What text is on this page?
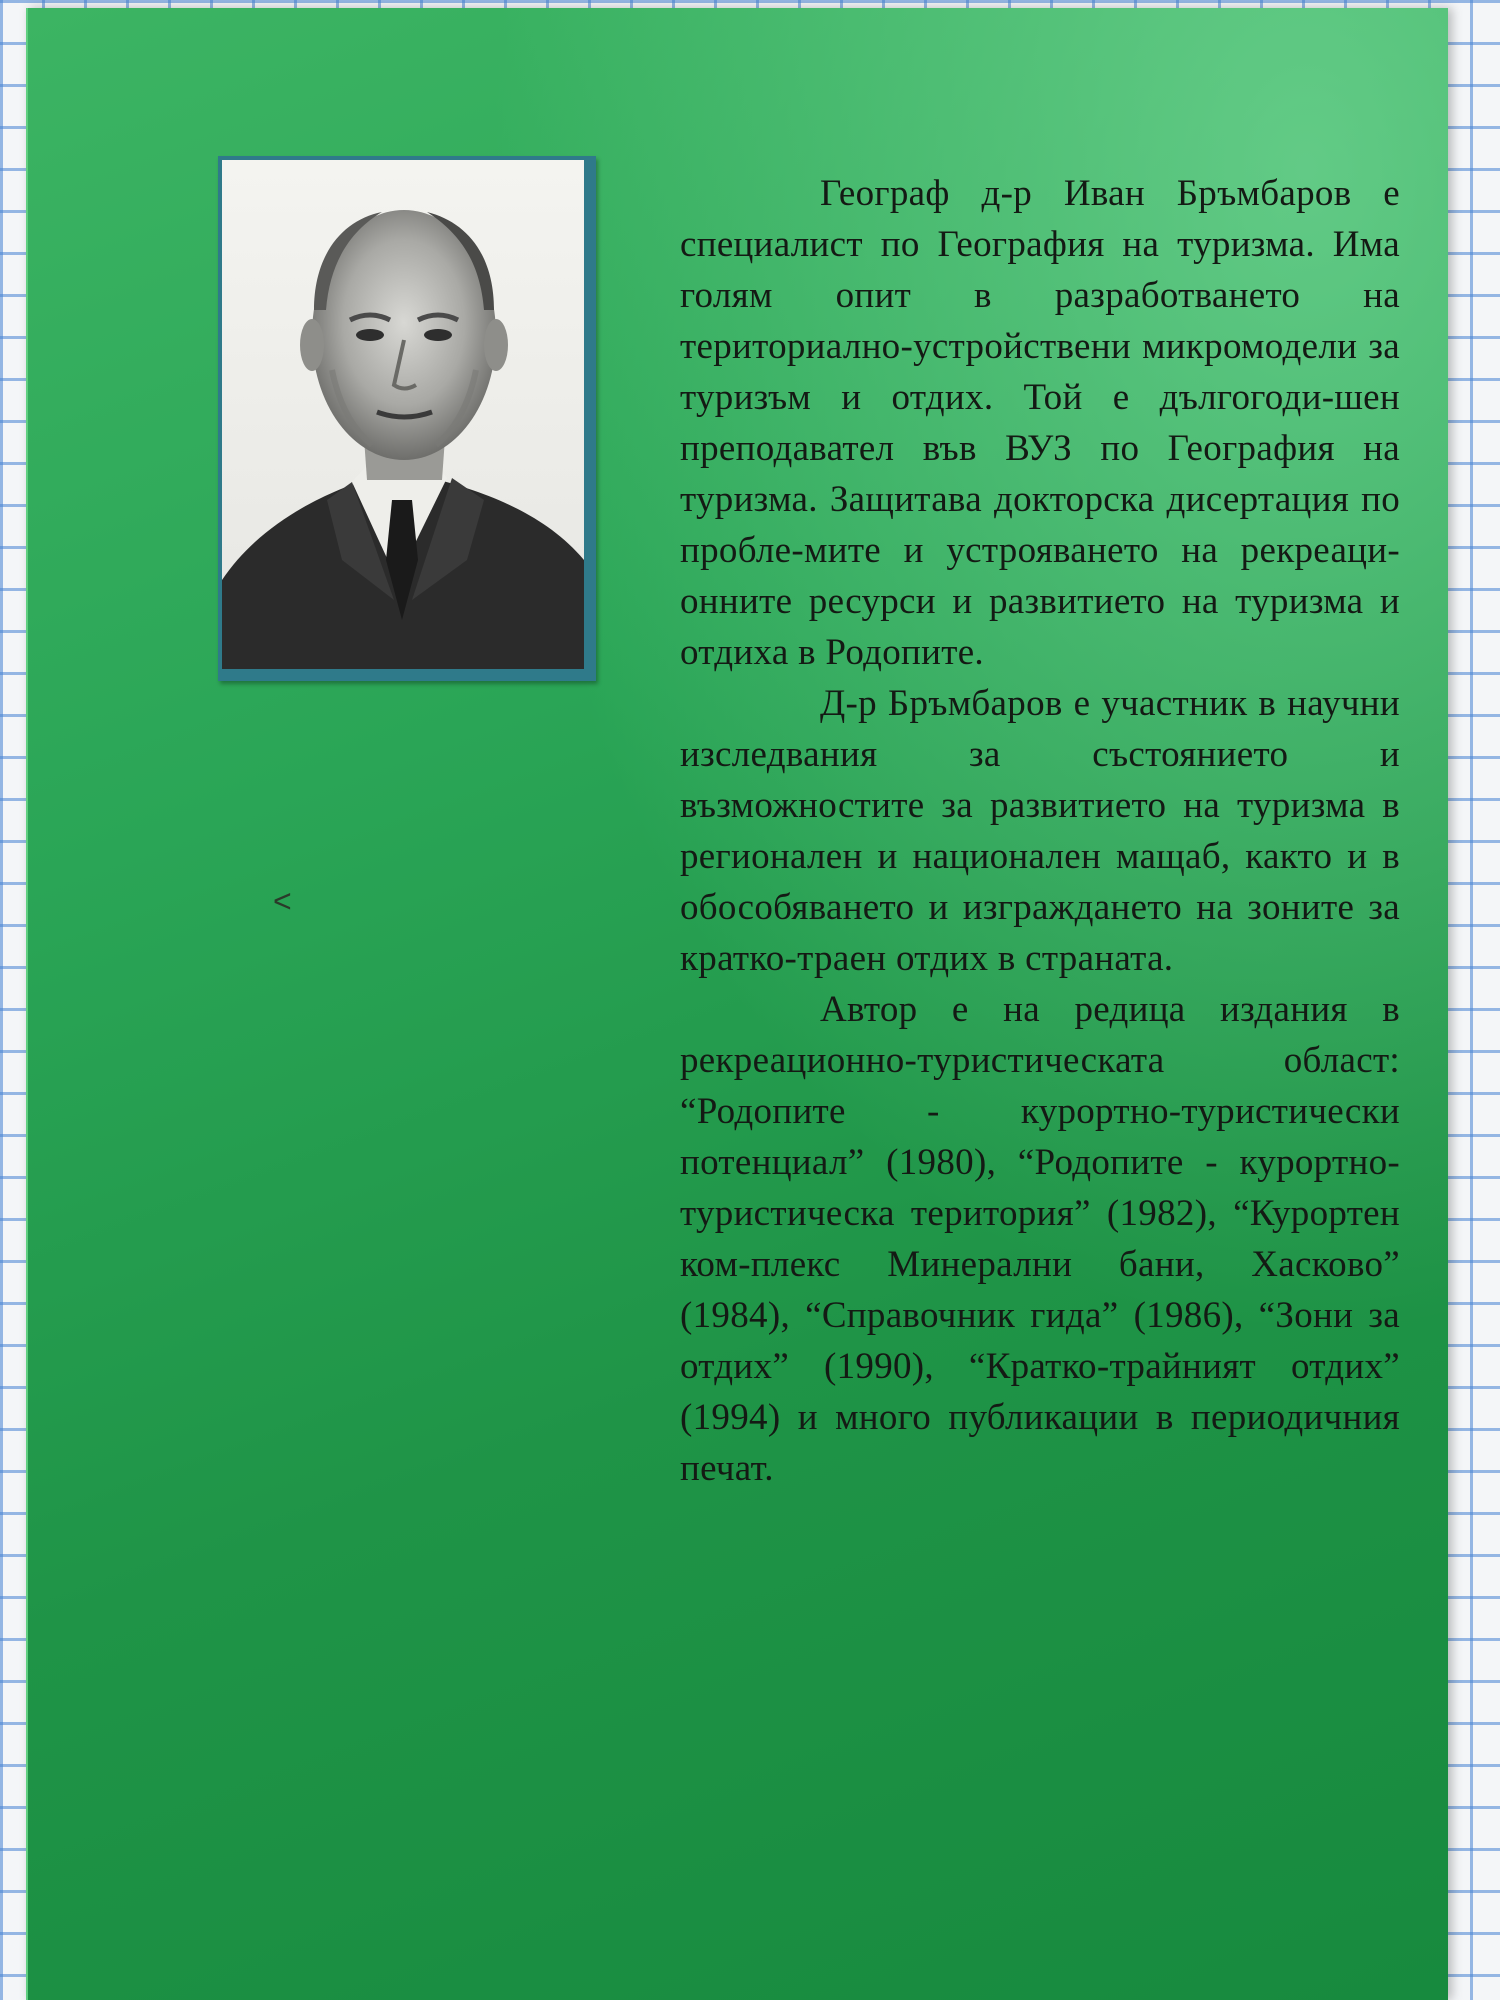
Географ д-р Иван Бръмбаров е специалист по География на туризма. Има голям опит в разработването на териториално-устройствени микромодели за туризъм и отдих. Той е дългогоди-шен преподавател във ВУЗ по География на туризма. Защитава докторска дисертация по пробле-мите и устрояването на рекреаци-онните ресурси и развитието на туризма и отдиха в Родопите.

Д-р Бръмбаров е участник в научни изследвания за състоянието и възможностите за развитието на туризма в регионален и национален мащаб, както и в обособяването и изграждането на зоните за кратко-траен отдих в страната.

Автор е на редица издания в рекреационно-туристическата област: “Родопите - курортно-туристически потенциал” (1980), “Родопите - курортно-туристическа територия” (1982), “Курортен ком-плекс Минерални бани, Хасково” (1984), “Справочник гида” (1986), “Зони за отдих” (1990), “Кратко-трайният отдих” (1994) и много публикации в периодичния печат.

<
